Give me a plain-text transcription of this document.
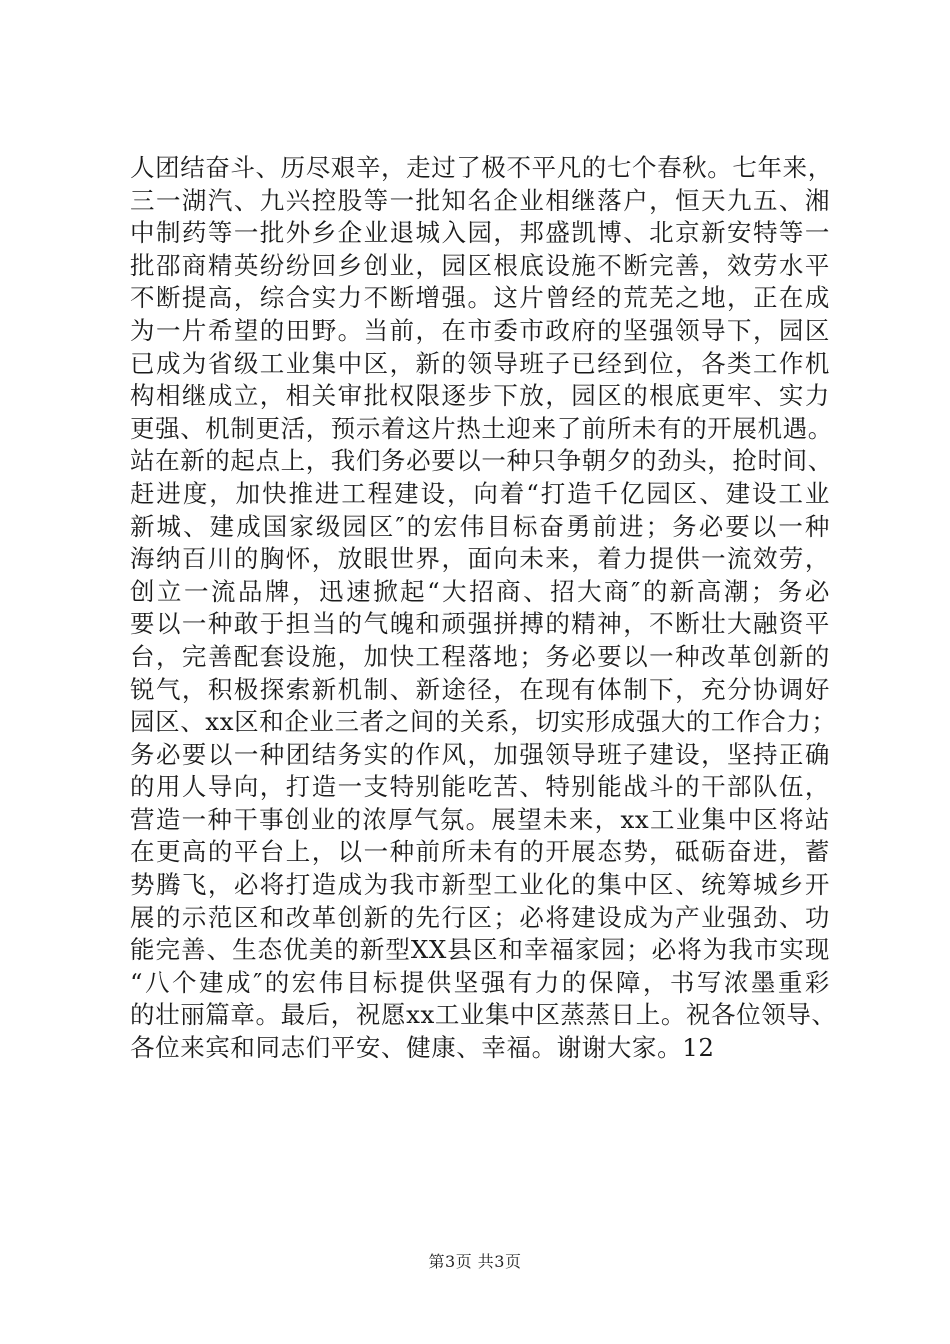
人团结奋斗、历尽艰辛，走过了极不平凡的七个春秋。七年来，
三一湖汽、九兴控股等一批知名企业相继落户，恒天九五、湘
中制药等一批外乡企业退城入园，邦盛凯博、北京新安特等一
批邵商精英纷纷回乡创业，园区根底设施不断完善，效劳水平
不断提高，综合实力不断增强。这片曾经的荒芜之地，正在成
为一片希望的田野。当前，在市委市政府的坚强领导下，园区
已成为省级工业集中区，新的领导班子已经到位，各类工作机
构相继成立，相关审批权限逐步下放，园区的根底更牢、实力
更强、机制更活，预示着这片热土迎来了前所未有的开展机遇。
站在新的起点上，我们务必要以一种只争朝夕的劲头，抢时间、
赶进度，加快推进工程建设，向着“打造千亿园区、建设工业
新城、建成国家级园区″的宏伟目标奋勇前进；务必要以一种
海纳百川的胸怀，放眼世界，面向未来，着力提供一流效劳，
创立一流品牌，迅速掀起“大招商、招大商″的新高潮；务必
要以一种敢于担当的气魄和顽强拼搏的精神，不断壮大融资平
台，完善配套设施，加快工程落地；务必要以一种改革创新的
锐气，积极探索新机制、新途径，在现有体制下，充分协调好
园区、xx区和企业三者之间的关系，切实形成强大的工作合力；
务必要以一种团结务实的作风，加强领导班子建设，坚持正确
的用人导向，打造一支特别能吃苦、特别能战斗的干部队伍，
营造一种干事创业的浓厚气氛。展望未来，xx工业集中区将站
在更高的平台上，以一种前所未有的开展态势，砥砺奋进，蓄
势腾飞，必将打造成为我市新型工业化的集中区、统筹城乡开
展的示范区和改革创新的先行区；必将建设成为产业强劲、功
能完善、生态优美的新型XX县区和幸福家园；必将为我市实现
“八个建成″的宏伟目标提供坚强有力的保障，书写浓墨重彩
的壮丽篇章。最后，祝愿xx工业集中区蒸蒸日上。祝各位领导、
各位来宾和同志们平安、健康、幸福。谢谢大家。12
第3页 共3页
